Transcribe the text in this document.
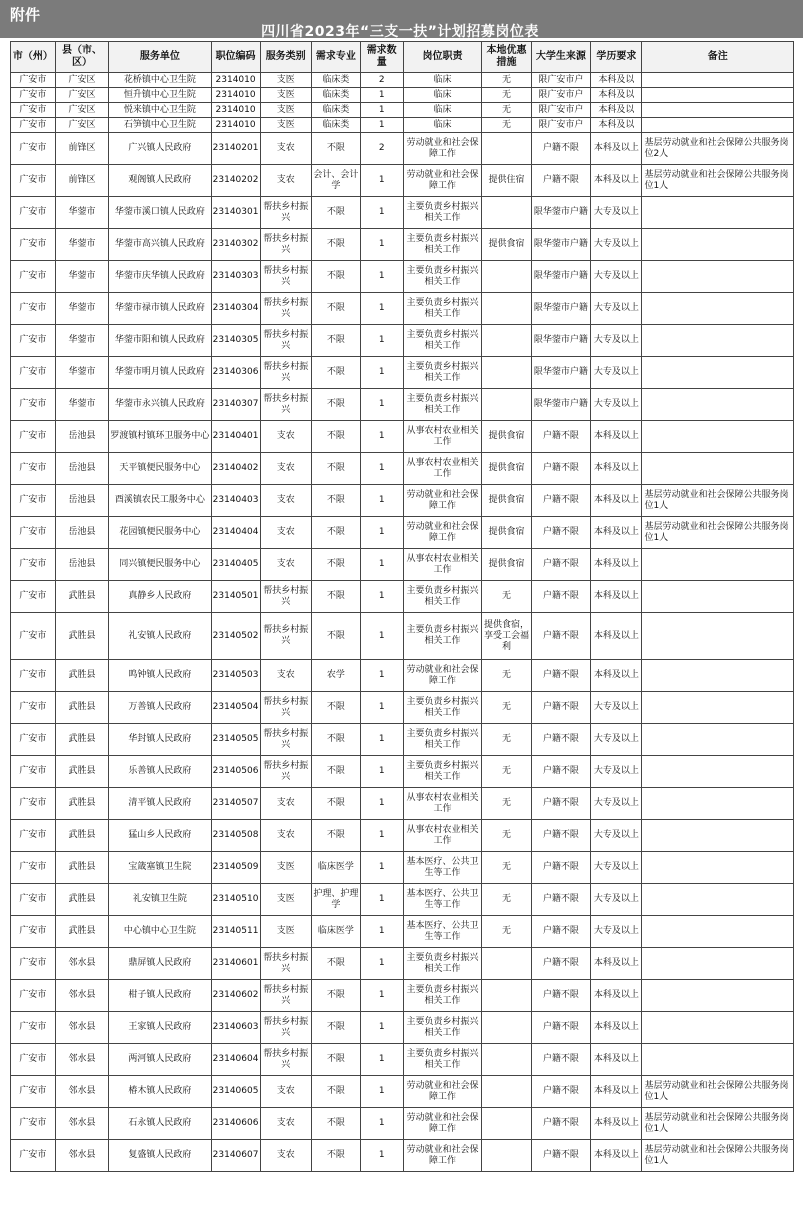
附件
四川省2023年“三支一扶”计划招募岗位表
市（州）	县（市、区）	服务单位	职位编码	服务类别	需求专业	需求数量	岗位职责	本地优惠措施	大学生来源	学历要求	备注
广安市	广安区	花桥镇中心卫生院	2314010	支医	临床类	2	临床	无	限广安市户	本科及以	
广安市	广安区	恒升镇中心卫生院	2314010	支医	临床类	1	临床	无	限广安市户	本科及以	
广安市	广安区	悦来镇中心卫生院	2314010	支医	临床类	1	临床	无	限广安市户	本科及以	
广安市	广安区	石笋镇中心卫生院	2314010	支医	临床类	1	临床	无	限广安市户	本科及以	
广安市	前锋区	广兴镇人民政府	23140201	支农	不限	2	劳动就业和社会保障工作		户籍不限	本科及以上	基层劳动就业和社会保障公共服务岗位2人
广安市	前锋区	观阁镇人民政府	23140202	支农	会计、会计学	1	劳动就业和社会保障工作	提供住宿	户籍不限	本科及以上	基层劳动就业和社会保障公共服务岗位1人
广安市	华蓥市	华蓥市溪口镇人民政府	23140301	帮扶乡村振兴	不限	1	主要负责乡村振兴相关工作		限华蓥市户籍	大专及以上	
广安市	华蓥市	华蓥市高兴镇人民政府	23140302	帮扶乡村振兴	不限	1	主要负责乡村振兴相关工作	提供食宿	限华蓥市户籍	大专及以上	
广安市	华蓥市	华蓥市庆华镇人民政府	23140303	帮扶乡村振兴	不限	1	主要负责乡村振兴相关工作		限华蓥市户籍	大专及以上	
广安市	华蓥市	华蓥市禄市镇人民政府	23140304	帮扶乡村振兴	不限	1	主要负责乡村振兴相关工作		限华蓥市户籍	大专及以上	
广安市	华蓥市	华蓥市阳和镇人民政府	23140305	帮扶乡村振兴	不限	1	主要负责乡村振兴相关工作		限华蓥市户籍	大专及以上	
广安市	华蓥市	华蓥市明月镇人民政府	23140306	帮扶乡村振兴	不限	1	主要负责乡村振兴相关工作		限华蓥市户籍	大专及以上	
广安市	华蓥市	华蓥市永兴镇人民政府	23140307	帮扶乡村振兴	不限	1	主要负责乡村振兴相关工作		限华蓥市户籍	大专及以上	
广安市	岳池县	罗渡镇村镇环卫服务中心	23140401	支农	不限	1	从事农村农业相关工作	提供食宿	户籍不限	本科及以上	
广安市	岳池县	天平镇便民服务中心	23140402	支农	不限	1	从事农村农业相关工作	提供食宿	户籍不限	本科及以上	
广安市	岳池县	酉溪镇农民工服务中心	23140403	支农	不限	1	劳动就业和社会保障工作	提供食宿	户籍不限	本科及以上	基层劳动就业和社会保障公共服务岗位1人
广安市	岳池县	花园镇便民服务中心	23140404	支农	不限	1	劳动就业和社会保障工作	提供食宿	户籍不限	本科及以上	基层劳动就业和社会保障公共服务岗位1人
广安市	岳池县	同兴镇便民服务中心	23140405	支农	不限	1	从事农村农业相关工作	提供食宿	户籍不限	本科及以上	
广安市	武胜县	真静乡人民政府	23140501	帮扶乡村振兴	不限	1	主要负责乡村振兴相关工作	无	户籍不限	本科及以上	
广安市	武胜县	礼安镇人民政府	23140502	帮扶乡村振兴	不限	1	主要负责乡村振兴相关工作	提供食宿，享受工会福利	户籍不限	本科及以上	
广安市	武胜县	鸣钟镇人民政府	23140503	支农	农学	1	劳动就业和社会保障工作	无	户籍不限	本科及以上	
广安市	武胜县	万善镇人民政府	23140504	帮扶乡村振兴	不限	1	主要负责乡村振兴相关工作	无	户籍不限	大专及以上	
广安市	武胜县	华封镇人民政府	23140505	帮扶乡村振兴	不限	1	主要负责乡村振兴相关工作	无	户籍不限	大专及以上	
广安市	武胜县	乐善镇人民政府	23140506	帮扶乡村振兴	不限	1	主要负责乡村振兴相关工作	无	户籍不限	大专及以上	
广安市	武胜县	清平镇人民政府	23140507	支农	不限	1	从事农村农业相关工作	无	户籍不限	大专及以上	
广安市	武胜县	猛山乡人民政府	23140508	支农	不限	1	从事农村农业相关工作	无	户籍不限	大专及以上	
广安市	武胜县	宝箴塞镇卫生院	23140509	支医	临床医学	1	基本医疗、公共卫生等工作	无	户籍不限	大专及以上	
广安市	武胜县	礼安镇卫生院	23140510	支医	护理、护理学	1	基本医疗、公共卫生等工作	无	户籍不限	大专及以上	
广安市	武胜县	中心镇中心卫生院	23140511	支医	临床医学	1	基本医疗、公共卫生等工作	无	户籍不限	大专及以上	
广安市	邻水县	鼎屏镇人民政府	23140601	帮扶乡村振兴	不限	1	主要负责乡村振兴相关工作		户籍不限	本科及以上	
广安市	邻水县	柑子镇人民政府	23140602	帮扶乡村振兴	不限	1	主要负责乡村振兴相关工作		户籍不限	本科及以上	
广安市	邻水县	王家镇人民政府	23140603	帮扶乡村振兴	不限	1	主要负责乡村振兴相关工作		户籍不限	本科及以上	
广安市	邻水县	两河镇人民政府	23140604	帮扶乡村振兴	不限	1	主要负责乡村振兴相关工作		户籍不限	本科及以上	
广安市	邻水县	椿木镇人民政府	23140605	支农	不限	1	劳动就业和社会保障工作		户籍不限	本科及以上	基层劳动就业和社会保障公共服务岗位1人
广安市	邻水县	石永镇人民政府	23140606	支农	不限	1	劳动就业和社会保障工作		户籍不限	本科及以上	基层劳动就业和社会保障公共服务岗位1人
广安市	邻水县	复盛镇人民政府	23140607	支农	不限	1	劳动就业和社会保障工作		户籍不限	本科及以上	基层劳动就业和社会保障公共服务岗位1人
